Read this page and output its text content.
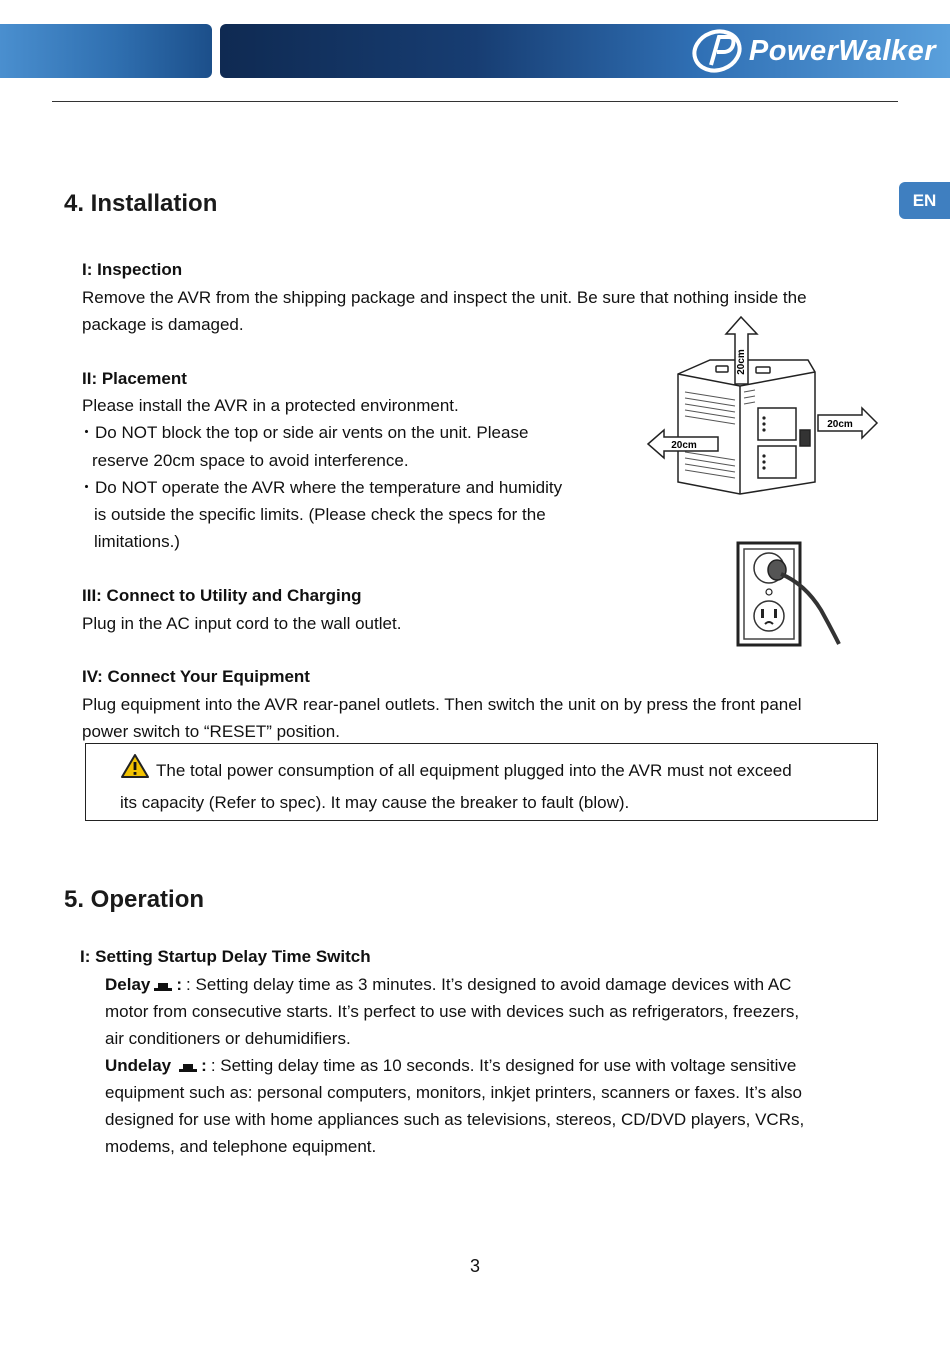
PowerWalker
EN
4. Installation
I: Inspection
Remove the AVR from the shipping package and inspect the unit. Be sure that nothing inside the
package is damaged.
II: Placement
Please install the AVR in a protected environment.
・Do NOT block the top or side air vents on the unit. Please
reserve 20cm space to avoid interference.
・Do NOT operate the AVR where the temperature and humidity
is outside the specific limits. (Please check the specs for the
limitations.)
20cm
20cm
20cm
III: Connect to Utility and Charging
Plug in the AC input cord to the wall outlet.
IV: Connect Your Equipment
Plug equipment into the AVR rear-panel outlets. Then switch the unit on by press the front panel
power switch to “RESET” position.
The total power consumption of all equipment plugged into the AVR must not exceed
its capacity (Refer to spec). It may cause the breaker to fault (blow).
5. Operation
I: Setting Startup Delay Time Switch
Delay : : Setting delay time as 3 minutes. It’s designed to avoid damage devices with AC
motor from consecutive starts. It’s perfect to use with devices such as refrigerators, freezers,
air conditioners or dehumidifiers.
Undelay : : Setting delay time as 10 seconds. It’s designed for use with voltage sensitive
equipment such as: personal computers, monitors, inkjet printers, scanners or faxes. It’s also
designed for use with home appliances such as televisions, stereos, CD/DVD players, VCRs,
modems, and telephone equipment.
3
